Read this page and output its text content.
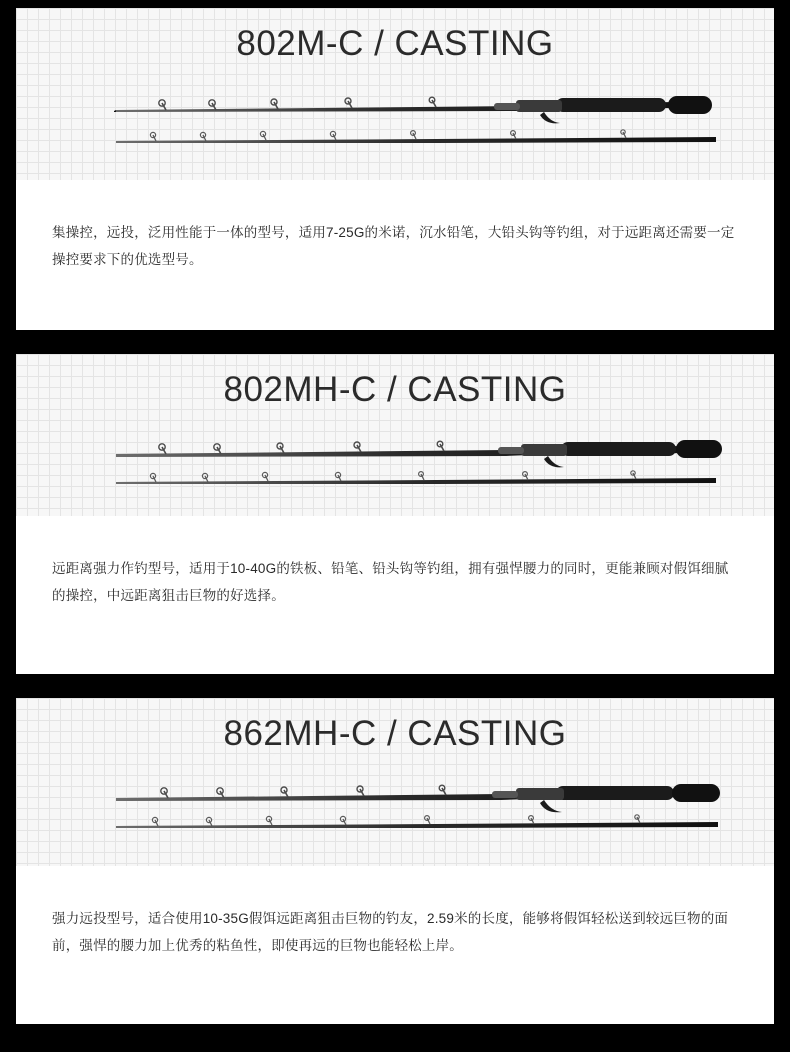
802M-C / CASTING

集操控，远投，泛用性能于一体的型号，适用7-25G的米诺，沉水铅笔，大铅头钩等钓组，对于远距离还需要一定操控要求下的优选型号。

802MH-C / CASTING

远距离强力作钓型号，适用于10-40G的铁板、铅笔、铅头钩等钓组，拥有强悍腰力的同时，更能兼顾对假饵细腻的操控，中远距离狙击巨物的好选择。

862MH-C / CASTING

强力远投型号，适合使用10-35G假饵远距离狙击巨物的钓友，2.59米的长度，能够将假饵轻松送到较远巨物的面前，强悍的腰力加上优秀的粘鱼性，即使再远的巨物也能轻松上岸。
